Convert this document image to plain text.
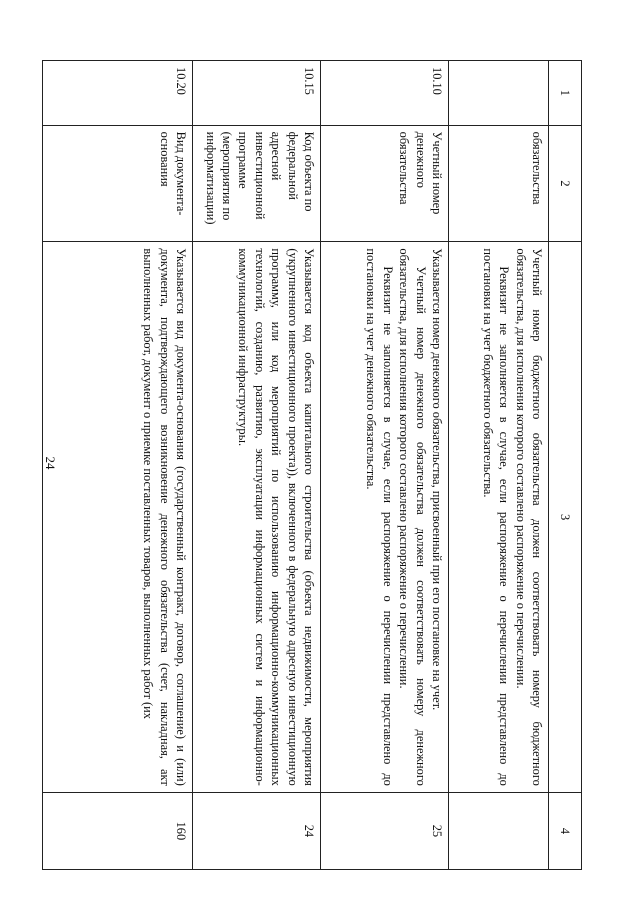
24
1	2	3	4
	обязательства	Учетный номер бюджетного обязательства должен соответствовать номеру бюджетного обязательства, для исполнения которого составлено распоряжение о перечислении.

Реквизит не заполняется в случае, если распоряжение о перечислении представлено до постановки на учет бюджетного обязательства.	

10.10	Учетный номер денежного обязательства	Указывается номер денежного обязательства, присвоенный при его постановке на учет.

Учетный номер денежного обязательства должен соответствовать номеру денежного обязательства, для исполнения которого составлено распоряжение о перечислении.

Реквизит не заполняется в случае, если распоряжение о перечислении представлено до постановки на учет денежного обязательства.	25
10.15	Код объекта по федеральной адресной инвестиционной программе (мероприятия по информатизации)	Указывается код объекта капитального строительства (объекта недвижимости, мероприятия (укрупненного инвестиционного проекта)), включенного в федеральную адресную инвестиционную программу, или код мероприятий по использованию информационно-коммуникационных технологий, созданию, развитию, эксплуатации информационных систем и информационно-коммуникационной инфраструктуры.	24
10.20	Вид документа-основания	Указывается вид документа-основания (государственный контракт, договор, соглашение) и (или) документа, подтверждающего возникновение денежного обязательства (счет, накладная, акт выполненных работ, документ о приемке поставленных товаров, выполненных работ (их	160
